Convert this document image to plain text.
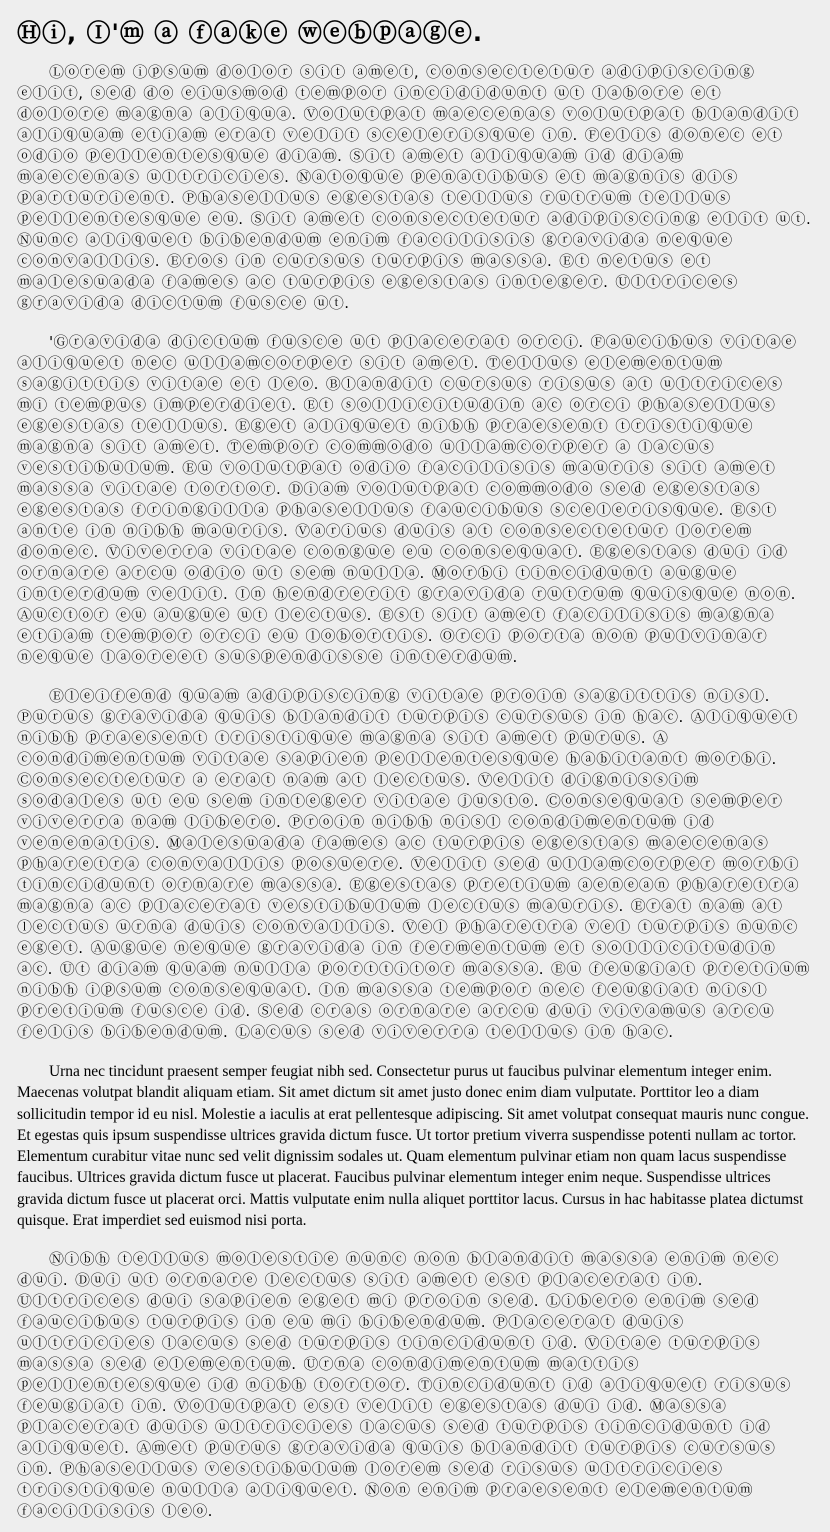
Ⓗⓘ, Ⓘ'ⓜ ⓐ ⓕⓐⓚⓔ ⓦⓔⓑⓟⓐⓖⓔ.

Ⓛⓞⓡⓔⓜ ⓘⓟⓢⓤⓜ ⓓⓞⓛⓞⓡ ⓢⓘⓣ ⓐⓜⓔⓣ, ⓒⓞⓝⓢⓔⓒⓣⓔⓣⓤⓡ ⓐⓓⓘⓟⓘⓢⓒⓘⓝⓖ ⓔⓛⓘⓣ, ⓢⓔⓓ ⓓⓞ ⓔⓘⓤⓢⓜⓞⓓ ⓣⓔⓜⓟⓞⓡ ⓘⓝⓒⓘⓓⓘⓓⓤⓝⓣ ⓤⓣ ⓛⓐⓑⓞⓡⓔ ⓔⓣ ⓓⓞⓛⓞⓡⓔ ⓜⓐⓖⓝⓐ ⓐⓛⓘⓠⓤⓐ. Ⓥⓞⓛⓤⓣⓟⓐⓣ ⓜⓐⓔⓒⓔⓝⓐⓢ ⓥⓞⓛⓤⓣⓟⓐⓣ ⓑⓛⓐⓝⓓⓘⓣ ⓐⓛⓘⓠⓤⓐⓜ ⓔⓣⓘⓐⓜ ⓔⓡⓐⓣ ⓥⓔⓛⓘⓣ ⓢⓒⓔⓛⓔⓡⓘⓢⓠⓤⓔ ⓘⓝ. Ⓕⓔⓛⓘⓢ ⓓⓞⓝⓔⓒ ⓔⓣ ⓞⓓⓘⓞ ⓟⓔⓛⓛⓔⓝⓣⓔⓢⓠⓤⓔ ⓓⓘⓐⓜ. Ⓢⓘⓣ ⓐⓜⓔⓣ ⓐⓛⓘⓠⓤⓐⓜ ⓘⓓ ⓓⓘⓐⓜ ⓜⓐⓔⓒⓔⓝⓐⓢ ⓤⓛⓣⓡⓘⓒⓘⓔⓢ. Ⓝⓐⓣⓞⓠⓤⓔ ⓟⓔⓝⓐⓣⓘⓑⓤⓢ ⓔⓣ ⓜⓐⓖⓝⓘⓢ ⓓⓘⓢ ⓟⓐⓡⓣⓤⓡⓘⓔⓝⓣ. Ⓟⓗⓐⓢⓔⓛⓛⓤⓢ ⓔⓖⓔⓢⓣⓐⓢ ⓣⓔⓛⓛⓤⓢ ⓡⓤⓣⓡⓤⓜ ⓣⓔⓛⓛⓤⓢ ⓟⓔⓛⓛⓔⓝⓣⓔⓢⓠⓤⓔ ⓔⓤ. Ⓢⓘⓣ ⓐⓜⓔⓣ ⓒⓞⓝⓢⓔⓒⓣⓔⓣⓤⓡ ⓐⓓⓘⓟⓘⓢⓒⓘⓝⓖ ⓔⓛⓘⓣ ⓤⓣ. Ⓝⓤⓝⓒ ⓐⓛⓘⓠⓤⓔⓣ ⓑⓘⓑⓔⓝⓓⓤⓜ ⓔⓝⓘⓜ ⓕⓐⓒⓘⓛⓘⓢⓘⓢ ⓖⓡⓐⓥⓘⓓⓐ ⓝⓔⓠⓤⓔ ⓒⓞⓝⓥⓐⓛⓛⓘⓢ. Ⓔⓡⓞⓢ ⓘⓝ ⓒⓤⓡⓢⓤⓢ ⓣⓤⓡⓟⓘⓢ ⓜⓐⓢⓢⓐ. Ⓔⓣ ⓝⓔⓣⓤⓢ ⓔⓣ ⓜⓐⓛⓔⓢⓤⓐⓓⓐ ⓕⓐⓜⓔⓢ ⓐⓒ ⓣⓤⓡⓟⓘⓢ ⓔⓖⓔⓢⓣⓐⓢ ⓘⓝⓣⓔⓖⓔⓡ. Ⓤⓛⓣⓡⓘⓒⓔⓢ ⓖⓡⓐⓥⓘⓓⓐ ⓓⓘⓒⓣⓤⓜ ⓕⓤⓢⓒⓔ ⓤⓣ.

'Ⓖⓡⓐⓥⓘⓓⓐ ⓓⓘⓒⓣⓤⓜ ⓕⓤⓢⓒⓔ ⓤⓣ ⓟⓛⓐⓒⓔⓡⓐⓣ ⓞⓡⓒⓘ. Ⓕⓐⓤⓒⓘⓑⓤⓢ ⓥⓘⓣⓐⓔ ⓐⓛⓘⓠⓤⓔⓣ ⓝⓔⓒ ⓤⓛⓛⓐⓜⓒⓞⓡⓟⓔⓡ ⓢⓘⓣ ⓐⓜⓔⓣ. Ⓣⓔⓛⓛⓤⓢ ⓔⓛⓔⓜⓔⓝⓣⓤⓜ ⓢⓐⓖⓘⓣⓣⓘⓢ ⓥⓘⓣⓐⓔ ⓔⓣ ⓛⓔⓞ. Ⓑⓛⓐⓝⓓⓘⓣ ⓒⓤⓡⓢⓤⓢ ⓡⓘⓢⓤⓢ ⓐⓣ ⓤⓛⓣⓡⓘⓒⓔⓢ ⓜⓘ ⓣⓔⓜⓟⓤⓢ ⓘⓜⓟⓔⓡⓓⓘⓔⓣ. Ⓔⓣ ⓢⓞⓛⓛⓘⓒⓘⓣⓤⓓⓘⓝ ⓐⓒ ⓞⓡⓒⓘ ⓟⓗⓐⓢⓔⓛⓛⓤⓢ ⓔⓖⓔⓢⓣⓐⓢ ⓣⓔⓛⓛⓤⓢ. Ⓔⓖⓔⓣ ⓐⓛⓘⓠⓤⓔⓣ ⓝⓘⓑⓗ ⓟⓡⓐⓔⓢⓔⓝⓣ ⓣⓡⓘⓢⓣⓘⓠⓤⓔ ⓜⓐⓖⓝⓐ ⓢⓘⓣ ⓐⓜⓔⓣ. Ⓣⓔⓜⓟⓞⓡ ⓒⓞⓜⓜⓞⓓⓞ ⓤⓛⓛⓐⓜⓒⓞⓡⓟⓔⓡ ⓐ ⓛⓐⓒⓤⓢ ⓥⓔⓢⓣⓘⓑⓤⓛⓤⓜ. Ⓔⓤ ⓥⓞⓛⓤⓣⓟⓐⓣ ⓞⓓⓘⓞ ⓕⓐⓒⓘⓛⓘⓢⓘⓢ ⓜⓐⓤⓡⓘⓢ ⓢⓘⓣ ⓐⓜⓔⓣ ⓜⓐⓢⓢⓐ ⓥⓘⓣⓐⓔ ⓣⓞⓡⓣⓞⓡ. Ⓓⓘⓐⓜ ⓥⓞⓛⓤⓣⓟⓐⓣ ⓒⓞⓜⓜⓞⓓⓞ ⓢⓔⓓ ⓔⓖⓔⓢⓣⓐⓢ ⓔⓖⓔⓢⓣⓐⓢ ⓕⓡⓘⓝⓖⓘⓛⓛⓐ ⓟⓗⓐⓢⓔⓛⓛⓤⓢ ⓕⓐⓤⓒⓘⓑⓤⓢ ⓢⓒⓔⓛⓔⓡⓘⓢⓠⓤⓔ. Ⓔⓢⓣ ⓐⓝⓣⓔ ⓘⓝ ⓝⓘⓑⓗ ⓜⓐⓤⓡⓘⓢ. Ⓥⓐⓡⓘⓤⓢ ⓓⓤⓘⓢ ⓐⓣ ⓒⓞⓝⓢⓔⓒⓣⓔⓣⓤⓡ ⓛⓞⓡⓔⓜ ⓓⓞⓝⓔⓒ. Ⓥⓘⓥⓔⓡⓡⓐ ⓥⓘⓣⓐⓔ ⓒⓞⓝⓖⓤⓔ ⓔⓤ ⓒⓞⓝⓢⓔⓠⓤⓐⓣ. Ⓔⓖⓔⓢⓣⓐⓢ ⓓⓤⓘ ⓘⓓ ⓞⓡⓝⓐⓡⓔ ⓐⓡⓒⓤ ⓞⓓⓘⓞ ⓤⓣ ⓢⓔⓜ ⓝⓤⓛⓛⓐ. Ⓜⓞⓡⓑⓘ ⓣⓘⓝⓒⓘⓓⓤⓝⓣ ⓐⓤⓖⓤⓔ ⓘⓝⓣⓔⓡⓓⓤⓜ ⓥⓔⓛⓘⓣ. Ⓘⓝ ⓗⓔⓝⓓⓡⓔⓡⓘⓣ ⓖⓡⓐⓥⓘⓓⓐ ⓡⓤⓣⓡⓤⓜ ⓠⓤⓘⓢⓠⓤⓔ ⓝⓞⓝ. Ⓐⓤⓒⓣⓞⓡ ⓔⓤ ⓐⓤⓖⓤⓔ ⓤⓣ ⓛⓔⓒⓣⓤⓢ. Ⓔⓢⓣ ⓢⓘⓣ ⓐⓜⓔⓣ ⓕⓐⓒⓘⓛⓘⓢⓘⓢ ⓜⓐⓖⓝⓐ ⓔⓣⓘⓐⓜ ⓣⓔⓜⓟⓞⓡ ⓞⓡⓒⓘ ⓔⓤ ⓛⓞⓑⓞⓡⓣⓘⓢ. Ⓞⓡⓒⓘ ⓟⓞⓡⓣⓐ ⓝⓞⓝ ⓟⓤⓛⓥⓘⓝⓐⓡ ⓝⓔⓠⓤⓔ ⓛⓐⓞⓡⓔⓔⓣ ⓢⓤⓢⓟⓔⓝⓓⓘⓢⓢⓔ ⓘⓝⓣⓔⓡⓓⓤⓜ.

Ⓔⓛⓔⓘⓕⓔⓝⓓ ⓠⓤⓐⓜ ⓐⓓⓘⓟⓘⓢⓒⓘⓝⓖ ⓥⓘⓣⓐⓔ ⓟⓡⓞⓘⓝ ⓢⓐⓖⓘⓣⓣⓘⓢ ⓝⓘⓢⓛ. Ⓟⓤⓡⓤⓢ ⓖⓡⓐⓥⓘⓓⓐ ⓠⓤⓘⓢ ⓑⓛⓐⓝⓓⓘⓣ ⓣⓤⓡⓟⓘⓢ ⓒⓤⓡⓢⓤⓢ ⓘⓝ ⓗⓐⓒ. Ⓐⓛⓘⓠⓤⓔⓣ ⓝⓘⓑⓗ ⓟⓡⓐⓔⓢⓔⓝⓣ ⓣⓡⓘⓢⓣⓘⓠⓤⓔ ⓜⓐⓖⓝⓐ ⓢⓘⓣ ⓐⓜⓔⓣ ⓟⓤⓡⓤⓢ. Ⓐ ⓒⓞⓝⓓⓘⓜⓔⓝⓣⓤⓜ ⓥⓘⓣⓐⓔ ⓢⓐⓟⓘⓔⓝ ⓟⓔⓛⓛⓔⓝⓣⓔⓢⓠⓤⓔ ⓗⓐⓑⓘⓣⓐⓝⓣ ⓜⓞⓡⓑⓘ. Ⓒⓞⓝⓢⓔⓒⓣⓔⓣⓤⓡ ⓐ ⓔⓡⓐⓣ ⓝⓐⓜ ⓐⓣ ⓛⓔⓒⓣⓤⓢ. Ⓥⓔⓛⓘⓣ ⓓⓘⓖⓝⓘⓢⓢⓘⓜ ⓢⓞⓓⓐⓛⓔⓢ ⓤⓣ ⓔⓤ ⓢⓔⓜ ⓘⓝⓣⓔⓖⓔⓡ ⓥⓘⓣⓐⓔ ⓙⓤⓢⓣⓞ. Ⓒⓞⓝⓢⓔⓠⓤⓐⓣ ⓢⓔⓜⓟⓔⓡ ⓥⓘⓥⓔⓡⓡⓐ ⓝⓐⓜ ⓛⓘⓑⓔⓡⓞ. Ⓟⓡⓞⓘⓝ ⓝⓘⓑⓗ ⓝⓘⓢⓛ ⓒⓞⓝⓓⓘⓜⓔⓝⓣⓤⓜ ⓘⓓ ⓥⓔⓝⓔⓝⓐⓣⓘⓢ. Ⓜⓐⓛⓔⓢⓤⓐⓓⓐ ⓕⓐⓜⓔⓢ ⓐⓒ ⓣⓤⓡⓟⓘⓢ ⓔⓖⓔⓢⓣⓐⓢ ⓜⓐⓔⓒⓔⓝⓐⓢ ⓟⓗⓐⓡⓔⓣⓡⓐ ⓒⓞⓝⓥⓐⓛⓛⓘⓢ ⓟⓞⓢⓤⓔⓡⓔ. Ⓥⓔⓛⓘⓣ ⓢⓔⓓ ⓤⓛⓛⓐⓜⓒⓞⓡⓟⓔⓡ ⓜⓞⓡⓑⓘ ⓣⓘⓝⓒⓘⓓⓤⓝⓣ ⓞⓡⓝⓐⓡⓔ ⓜⓐⓢⓢⓐ. Ⓔⓖⓔⓢⓣⓐⓢ ⓟⓡⓔⓣⓘⓤⓜ ⓐⓔⓝⓔⓐⓝ ⓟⓗⓐⓡⓔⓣⓡⓐ ⓜⓐⓖⓝⓐ ⓐⓒ ⓟⓛⓐⓒⓔⓡⓐⓣ ⓥⓔⓢⓣⓘⓑⓤⓛⓤⓜ ⓛⓔⓒⓣⓤⓢ ⓜⓐⓤⓡⓘⓢ. Ⓔⓡⓐⓣ ⓝⓐⓜ ⓐⓣ ⓛⓔⓒⓣⓤⓢ ⓤⓡⓝⓐ ⓓⓤⓘⓢ ⓒⓞⓝⓥⓐⓛⓛⓘⓢ. Ⓥⓔⓛ ⓟⓗⓐⓡⓔⓣⓡⓐ ⓥⓔⓛ ⓣⓤⓡⓟⓘⓢ ⓝⓤⓝⓒ ⓔⓖⓔⓣ. Ⓐⓤⓖⓤⓔ ⓝⓔⓠⓤⓔ ⓖⓡⓐⓥⓘⓓⓐ ⓘⓝ ⓕⓔⓡⓜⓔⓝⓣⓤⓜ ⓔⓣ ⓢⓞⓛⓛⓘⓒⓘⓣⓤⓓⓘⓝ ⓐⓒ. Ⓤⓣ ⓓⓘⓐⓜ ⓠⓤⓐⓜ ⓝⓤⓛⓛⓐ ⓟⓞⓡⓣⓣⓘⓣⓞⓡ ⓜⓐⓢⓢⓐ. Ⓔⓤ ⓕⓔⓤⓖⓘⓐⓣ ⓟⓡⓔⓣⓘⓤⓜ ⓝⓘⓑⓗ ⓘⓟⓢⓤⓜ ⓒⓞⓝⓢⓔⓠⓤⓐⓣ. Ⓘⓝ ⓜⓐⓢⓢⓐ ⓣⓔⓜⓟⓞⓡ ⓝⓔⓒ ⓕⓔⓤⓖⓘⓐⓣ ⓝⓘⓢⓛ ⓟⓡⓔⓣⓘⓤⓜ ⓕⓤⓢⓒⓔ ⓘⓓ. Ⓢⓔⓓ ⓒⓡⓐⓢ ⓞⓡⓝⓐⓡⓔ ⓐⓡⓒⓤ ⓓⓤⓘ ⓥⓘⓥⓐⓜⓤⓢ ⓐⓡⓒⓤ ⓕⓔⓛⓘⓢ ⓑⓘⓑⓔⓝⓓⓤⓜ. Ⓛⓐⓒⓤⓢ ⓢⓔⓓ ⓥⓘⓥⓔⓡⓡⓐ ⓣⓔⓛⓛⓤⓢ ⓘⓝ ⓗⓐⓒ.

Urna nec tincidunt praesent semper feugiat nibh sed. Consectetur purus ut faucibus pulvinar elementum integer enim. Maecenas volutpat blandit aliquam etiam. Sit amet dictum sit amet justo donec enim diam vulputate. Porttitor leo a diam sollicitudin tempor id eu nisl. Molestie a iaculis at erat pellentesque adipiscing. Sit amet volutpat consequat mauris nunc congue. Et egestas quis ipsum suspendisse ultrices gravida dictum fusce. Ut tortor pretium viverra suspendisse potenti nullam ac tortor. Elementum curabitur vitae nunc sed velit dignissim sodales ut. Quam elementum pulvinar etiam non quam lacus suspendisse faucibus. Ultrices gravida dictum fusce ut placerat. Faucibus pulvinar elementum integer enim neque. Suspendisse ultrices gravida dictum fusce ut placerat orci. Mattis vulputate enim nulla aliquet porttitor lacus. Cursus in hac habitasse platea dictumst quisque. Erat imperdiet sed euismod nisi porta.

Ⓝⓘⓑⓗ ⓣⓔⓛⓛⓤⓢ ⓜⓞⓛⓔⓢⓣⓘⓔ ⓝⓤⓝⓒ ⓝⓞⓝ ⓑⓛⓐⓝⓓⓘⓣ ⓜⓐⓢⓢⓐ ⓔⓝⓘⓜ ⓝⓔⓒ ⓓⓤⓘ. Ⓓⓤⓘ ⓤⓣ ⓞⓡⓝⓐⓡⓔ ⓛⓔⓒⓣⓤⓢ ⓢⓘⓣ ⓐⓜⓔⓣ ⓔⓢⓣ ⓟⓛⓐⓒⓔⓡⓐⓣ ⓘⓝ. Ⓤⓛⓣⓡⓘⓒⓔⓢ ⓓⓤⓘ ⓢⓐⓟⓘⓔⓝ ⓔⓖⓔⓣ ⓜⓘ ⓟⓡⓞⓘⓝ ⓢⓔⓓ. Ⓛⓘⓑⓔⓡⓞ ⓔⓝⓘⓜ ⓢⓔⓓ ⓕⓐⓤⓒⓘⓑⓤⓢ ⓣⓤⓡⓟⓘⓢ ⓘⓝ ⓔⓤ ⓜⓘ ⓑⓘⓑⓔⓝⓓⓤⓜ. Ⓟⓛⓐⓒⓔⓡⓐⓣ ⓓⓤⓘⓢ ⓤⓛⓣⓡⓘⓒⓘⓔⓢ ⓛⓐⓒⓤⓢ ⓢⓔⓓ ⓣⓤⓡⓟⓘⓢ ⓣⓘⓝⓒⓘⓓⓤⓝⓣ ⓘⓓ. Ⓥⓘⓣⓐⓔ ⓣⓤⓡⓟⓘⓢ ⓜⓐⓢⓢⓐ ⓢⓔⓓ ⓔⓛⓔⓜⓔⓝⓣⓤⓜ. Ⓤⓡⓝⓐ ⓒⓞⓝⓓⓘⓜⓔⓝⓣⓤⓜ ⓜⓐⓣⓣⓘⓢ ⓟⓔⓛⓛⓔⓝⓣⓔⓢⓠⓤⓔ ⓘⓓ ⓝⓘⓑⓗ ⓣⓞⓡⓣⓞⓡ. Ⓣⓘⓝⓒⓘⓓⓤⓝⓣ ⓘⓓ ⓐⓛⓘⓠⓤⓔⓣ ⓡⓘⓢⓤⓢ ⓕⓔⓤⓖⓘⓐⓣ ⓘⓝ. Ⓥⓞⓛⓤⓣⓟⓐⓣ ⓔⓢⓣ ⓥⓔⓛⓘⓣ ⓔⓖⓔⓢⓣⓐⓢ ⓓⓤⓘ ⓘⓓ. Ⓜⓐⓢⓢⓐ ⓟⓛⓐⓒⓔⓡⓐⓣ ⓓⓤⓘⓢ ⓤⓛⓣⓡⓘⓒⓘⓔⓢ ⓛⓐⓒⓤⓢ ⓢⓔⓓ ⓣⓤⓡⓟⓘⓢ ⓣⓘⓝⓒⓘⓓⓤⓝⓣ ⓘⓓ ⓐⓛⓘⓠⓤⓔⓣ. Ⓐⓜⓔⓣ ⓟⓤⓡⓤⓢ ⓖⓡⓐⓥⓘⓓⓐ ⓠⓤⓘⓢ ⓑⓛⓐⓝⓓⓘⓣ ⓣⓤⓡⓟⓘⓢ ⓒⓤⓡⓢⓤⓢ ⓘⓝ. Ⓟⓗⓐⓢⓔⓛⓛⓤⓢ ⓥⓔⓢⓣⓘⓑⓤⓛⓤⓜ ⓛⓞⓡⓔⓜ ⓢⓔⓓ ⓡⓘⓢⓤⓢ ⓤⓛⓣⓡⓘⓒⓘⓔⓢ ⓣⓡⓘⓢⓣⓘⓠⓤⓔ ⓝⓤⓛⓛⓐ ⓐⓛⓘⓠⓤⓔⓣ. Ⓝⓞⓝ ⓔⓝⓘⓜ ⓟⓡⓐⓔⓢⓔⓝⓣ ⓔⓛⓔⓜⓔⓝⓣⓤⓜ ⓕⓐⓒⓘⓛⓘⓢⓘⓢ ⓛⓔⓞ.
